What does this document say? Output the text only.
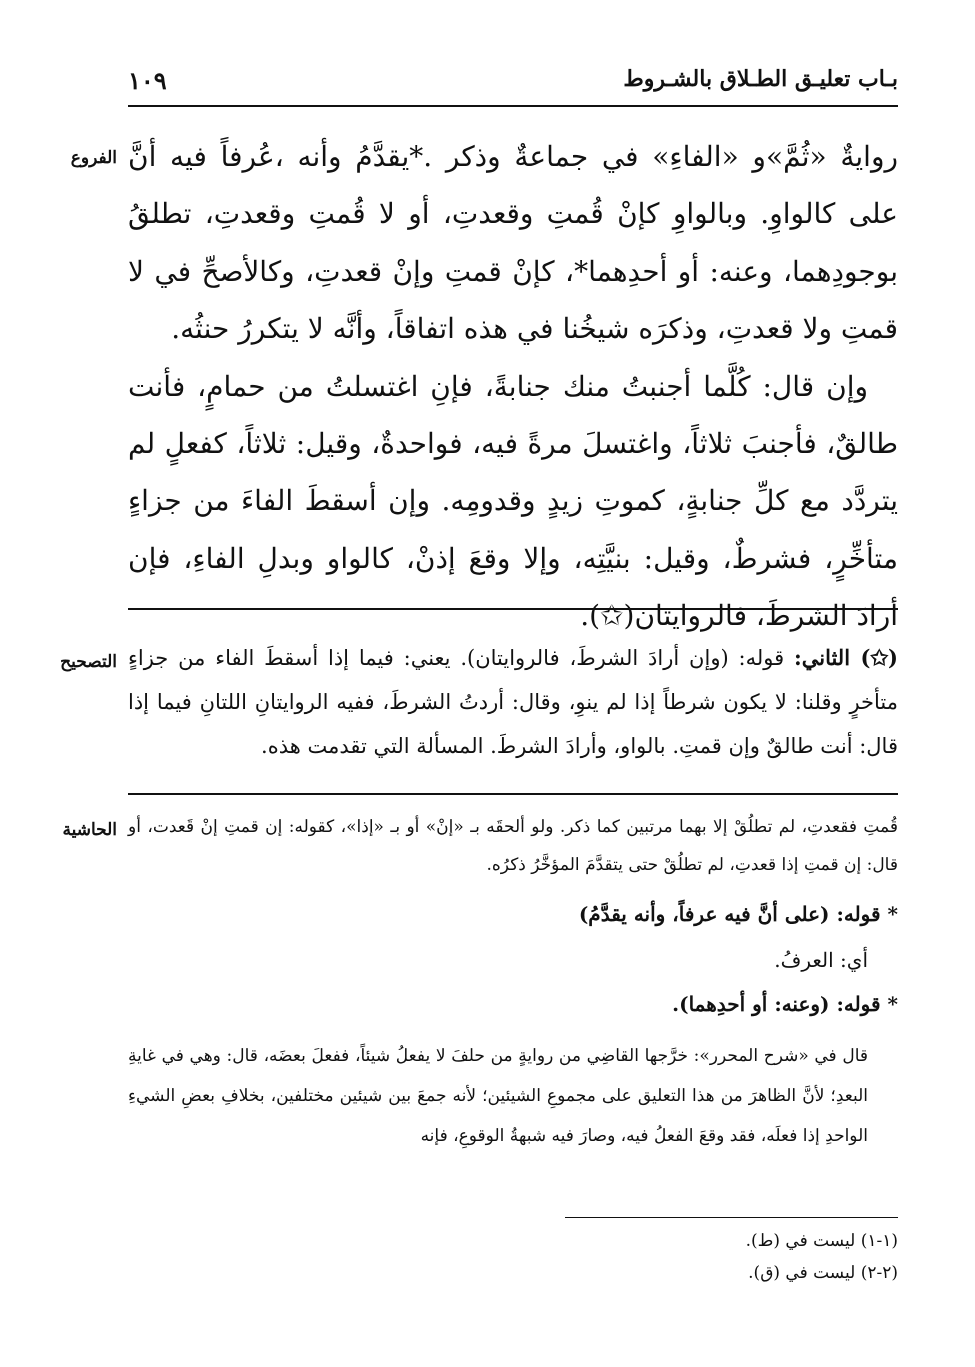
بـاب تعليـق الطـلاق بالشـروط
١٠٩
الفروع
التصحيح
الحاشية

روايةٌ «ثُمَّ»و «الفاءِ» في جماعةٌ وذكر .*يقدَّمُ وأنه ،عُرفاً فيه أنَّ على كالواوِ. وبالواوِ كإنْ قُمتِ وقعدتِ، أو لا قُمتِ وقعدتِ، تطلقُ بوجودِهما، وعنه: أو أحدِهما*، كإنْ قمتِ وإنْ قعدتِ، وكالأصحِّ في لا قمتِ ولا قعدتِ، وذكرَه شيخُنا في هذه اتفاقاً، وأنَّه لا يتكررُ حنثُه.

وإن قال: كُلَّما أجنبتُ منك جنابةً، فإنِ اغتسلتُ من حمامٍ، فأنت طالقٌ، فأجنبَ ثلاثاً، واغتسلَ مرةً فيه، فواحدةٌ، وقيل: ثلاثاً، كفعلٍ لم يتردَّد مع كلِّ جنابةٍ، كموتِ زيدٍ وقدومِه. وإن أسقطَ الفاءَ من جزاءٍ متأخِّرٍ، فشرطٌ، وقيل: بنيَّتِه، وإلا وقعَ إذنْ، كالواو وبدلِ الفاءِ، فإن أرادَ الشرطَ، فالروايتان(✩).

(✩) الثاني: قوله: (وإن أرادَ الشرطَ، فالروايتان). يعني: فيما إذا أسقطَ الفاء من جزاءٍ متأخرٍ وقلنا: لا يكون شرطاً إذا لم ينوِ، وقال: أردتُ الشرطَ، ففيه الروايتانِ اللتانِ فيما إذا قال: أنت طالقٌ وإن قمتِ. بالواو، وأرادَ الشرطَ. المسألة التي تقدمت هذه.

قُمتِ فقعدتِ، لم تطلُقْ إلا بهما مرتبين كما ذكر. ولو ألحقَه بـ «إنْ» أو بـ «إذا»، كقوله: إن قمتِ إنْ قَعدت، أو قال: إن قمتِ إذا قعدتِ، لم تطلُقْ حتى يتقدَّمَ المؤخَّرُ ذكرُه.

* قوله: (على أنَّ فيه عرفاً، وأنه يقدَّمُ)

أي: العرفُ.

* قوله: (وعنه: أو أحدِهما).

قال في «شرح المحرر»: خرَّجها القاضِي من روايةٍ من حلفَ لا يفعلُ شيئاً، ففعلَ بعضَه، قال: وهي في غايةِ البعدِ؛ لأنَّ الظاهرَ من هذا التعليق على مجموعِ الشيئين؛ لأنه جمعَ بين شيئين مختلفين، بخلافِ بعضِ الشيءِ الواحدِ إذا فعلَه، فقد وقعَ الفعلُ فيه، وصارَ فيه شبهةُ الوقوعِ، فإنه

(١-١) ليست في (ط).

(٢-٢) ليست في (ق).
